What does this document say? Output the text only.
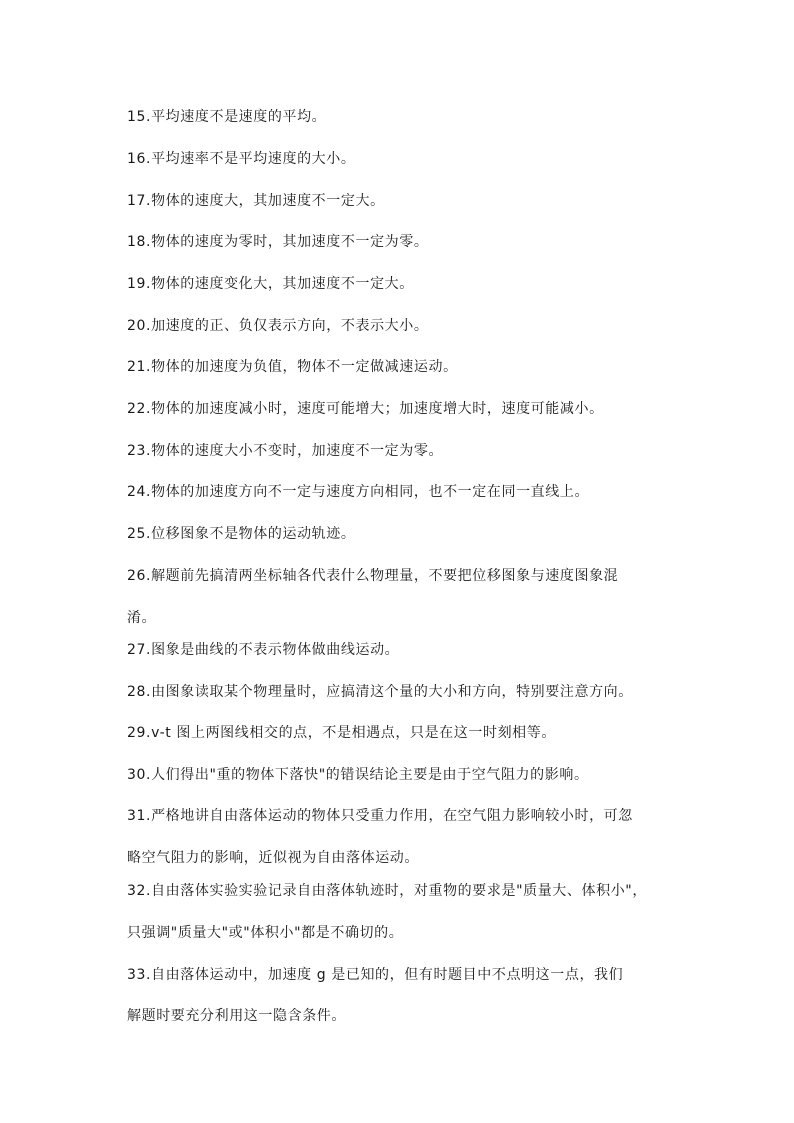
15.平均速度不是速度的平均。
16.平均速率不是平均速度的大小。
17.物体的速度大，其加速度不一定大。
18.物体的速度为零时，其加速度不一定为零。
19.物体的速度变化大，其加速度不一定大。
20.加速度的正、负仅表示方向，不表示大小。
21.物体的加速度为负值，物体不一定做减速运动。
22.物体的加速度减小时，速度可能增大；加速度增大时，速度可能减小。
23.物体的速度大小不变时，加速度不一定为零。
24.物体的加速度方向不一定与速度方向相同，也不一定在同一直线上。
25.位移图象不是物体的运动轨迹。
26.解题前先搞清两坐标轴各代表什么物理量，不要把位移图象与速度图象混
淆。
27.图象是曲线的不表示物体做曲线运动。
28.由图象读取某个物理量时，应搞清这个量的大小和方向，特别要注意方向。
29.v-t 图上两图线相交的点，不是相遇点，只是在这一时刻相等。
30.人们得出"重的物体下落快"的错误结论主要是由于空气阻力的影响。
31.严格地讲自由落体运动的物体只受重力作用，在空气阻力影响较小时，可忽
略空气阻力的影响，近似视为自由落体运动。
32.自由落体实验实验记录自由落体轨迹时，对重物的要求是"质量大、体积小"，
只强调"质量大"或"体积小"都是不确切的。
33.自由落体运动中，加速度 g 是已知的，但有时题目中不点明这一点，我们
解题时要充分利用这一隐含条件。
